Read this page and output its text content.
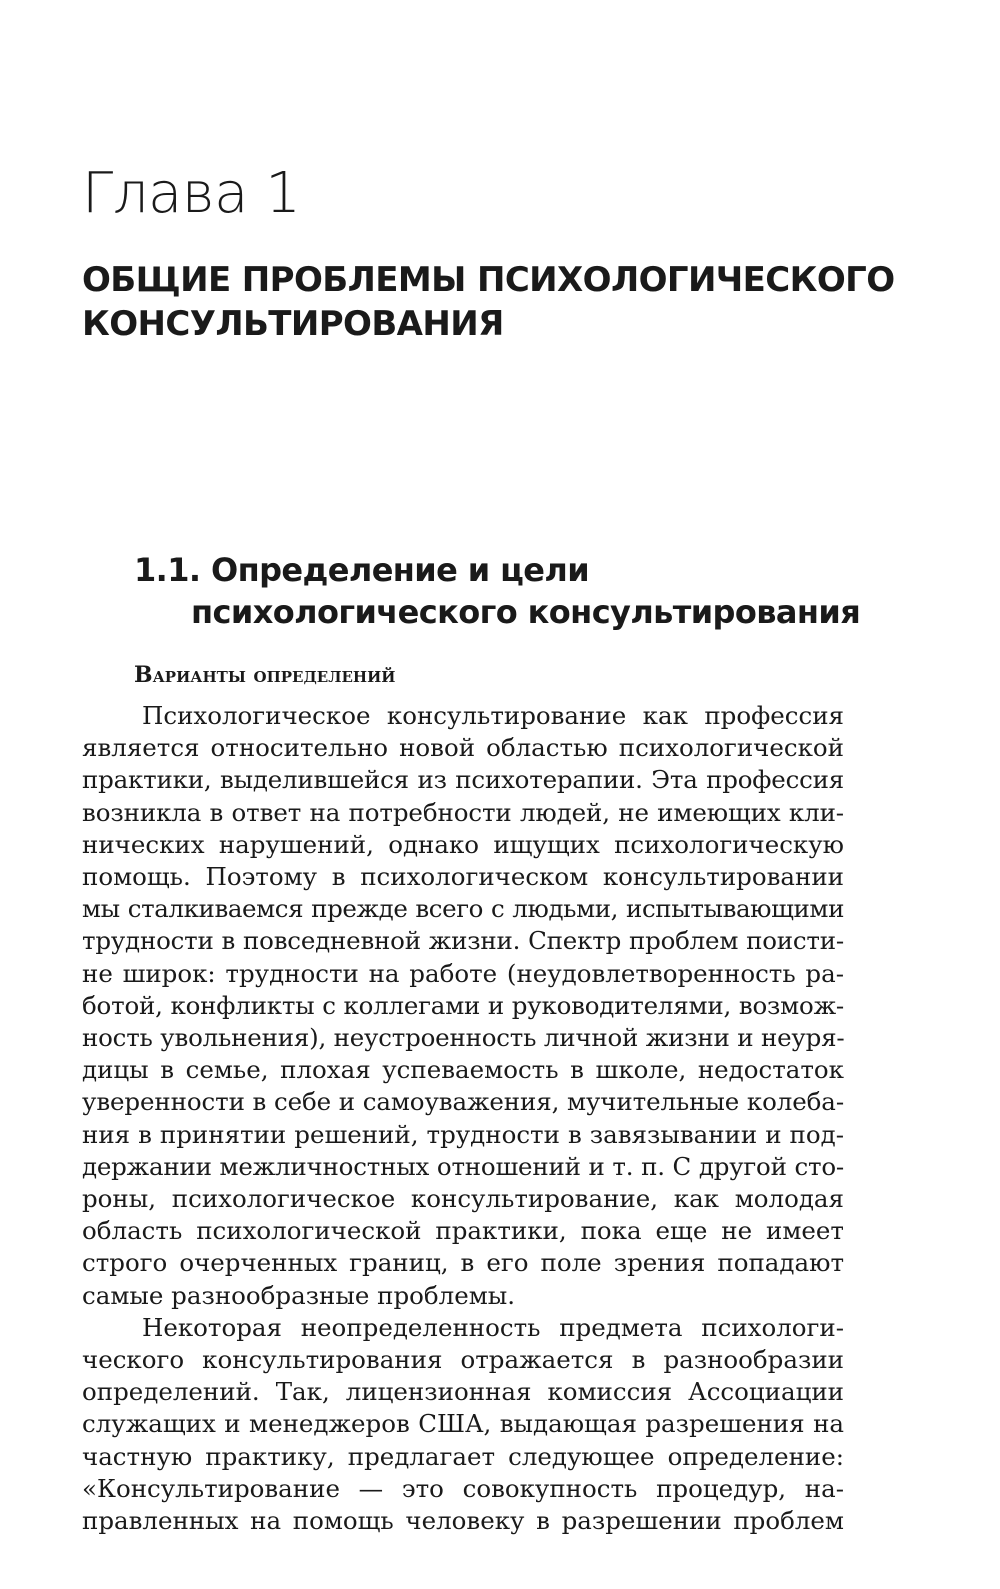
Глава 1
ОБЩИЕ ПРОБЛЕМЫ ПСИХОЛОГИЧЕСКОГО
КОНСУЛЬТИРОВАНИЯ
1.1. Определение и цели
психологического консультирования
Варианты определений

Психологическое консультирование как профессия
является относительно новой областью психологической
практики, выделившейся из психотерапии. Эта профессия
возникла в ответ на потребности людей, не имеющих кли-
нических нарушений, однако ищущих психологическую
помощь. Поэтому в психологическом консультировании
мы сталкиваемся прежде всего с людьми, испытывающими
трудности в повседневной жизни. Спектр проблем поисти-
не широк: трудности на работе (неудовлетворенность ра-
ботой, конфликты с коллегами и руководителями, возмож-
ность увольнения), неустроенность личной жизни и неуря-
дицы в семье, плохая успеваемость в школе, недостаток
уверенности в себе и самоуважения, мучительные колеба-
ния в принятии решений, трудности в завязывании и под-
держании межличностных отношений и т. п. С другой сто-
роны, психологическое консультирование, как молодая
область психологической практики, пока еще не имеет
строго очерченных границ, в его поле зрения попадают
самые разнообразные проблемы.

Некоторая неопределенность предмета психологи-
ческого консультирования отражается в разнообразии
определений. Так, лицензионная комиссия Ассоциации
служащих и менеджеров США, выдающая разрешения на
частную практику, предлагает следующее определение:
«Консультирование — это совокупность процедур, на-
правленных на помощь человеку в разрешении проблем
